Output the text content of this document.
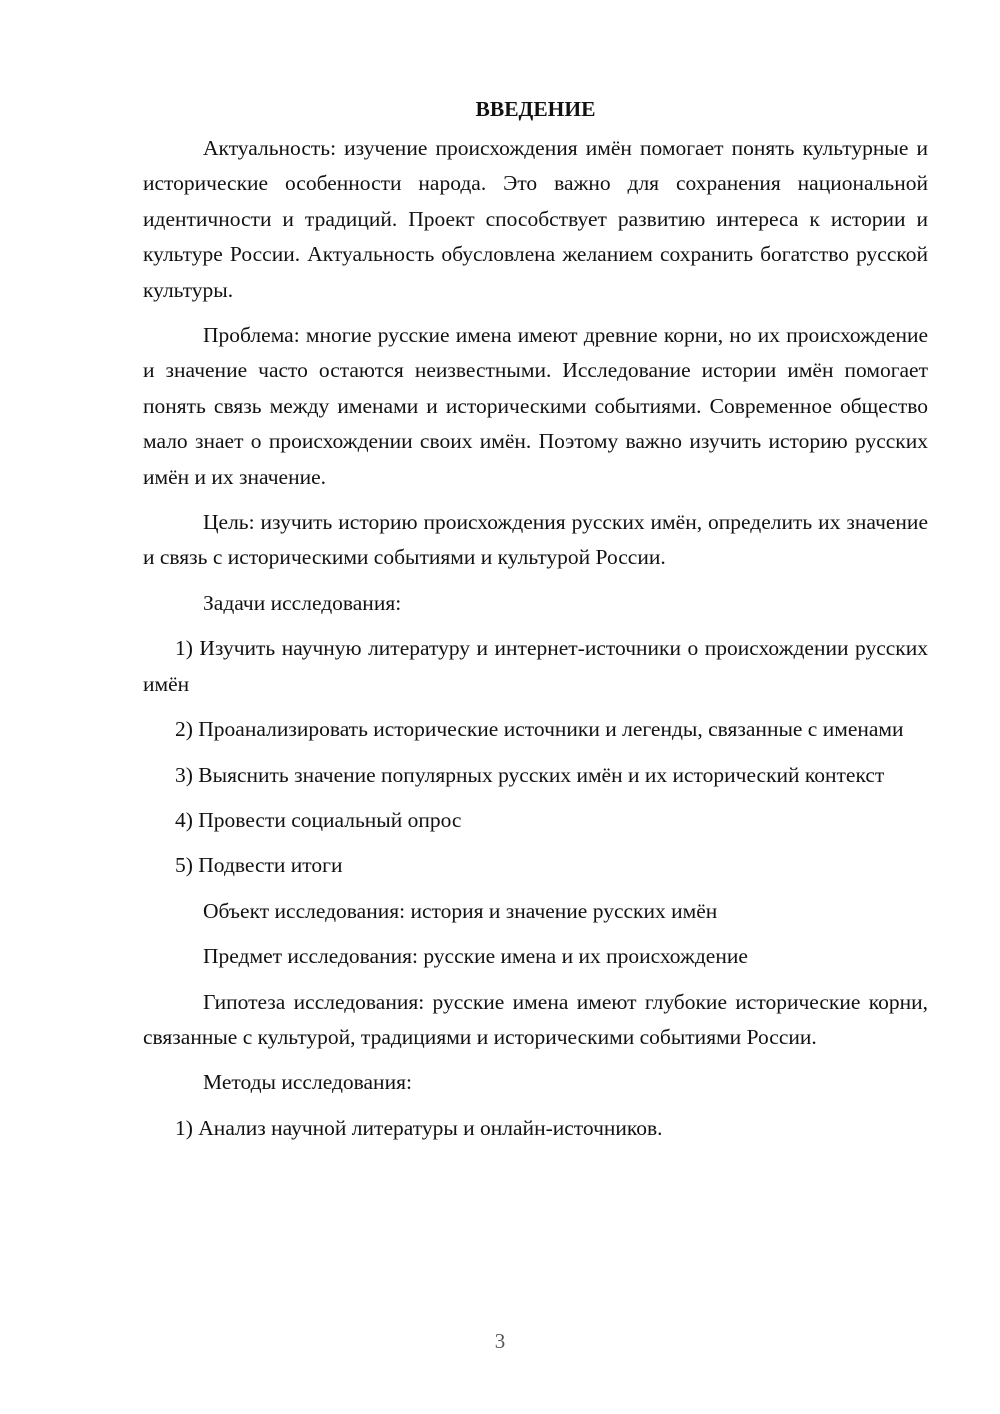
ВВЕДЕНИЕ
Актуальность: изучение происхождения имён помогает понять культурные и исторические особенности народа. Это важно для сохранения национальной идентичности и традиций. Проект способствует развитию интереса к истории и культуре России. Актуальность обусловлена желанием сохранить богатство русской культуры.
Проблема: многие русские имена имеют древние корни, но их происхождение и значение часто остаются неизвестными. Исследование истории имён помогает понять связь между именами и историческими событиями. Современное общество мало знает о происхождении своих имён. Поэтому важно изучить историю русских имён и их значение.
Цель: изучить историю происхождения русских имён, определить их значение и связь с историческими событиями и культурой России.
Задачи исследования:
1) Изучить научную литературу и интернет-источники о происхождении русских имён
2) Проанализировать исторические источники и легенды, связанные с именами
3) Выяснить значение популярных русских имён и их исторический контекст
4) Провести социальный опрос
5) Подвести итоги
Объект исследования: история и значение русских имён
Предмет исследования: русские имена и их происхождение
Гипотеза исследования: русские имена имеют глубокие исторические корни, связанные с культурой, традициями и историческими событиями России.
Методы исследования:
1) Анализ научной литературы и онлайн-источников.
3
